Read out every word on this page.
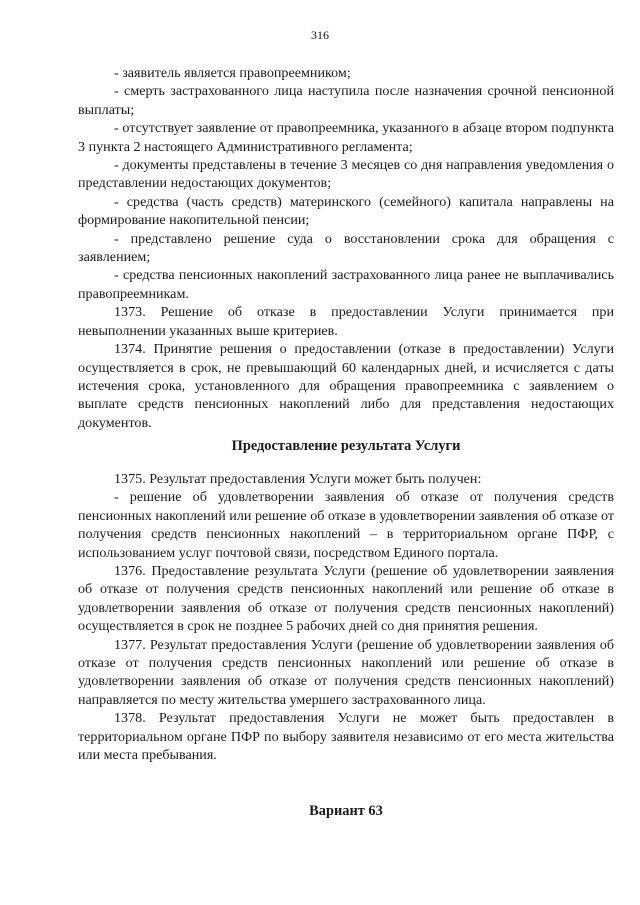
316

- заявитель является правопреемником;

- смерть застрахованного лица наступила после назначения срочной пенсионной выплаты;

- отсутствует заявление от правопреемника, указанного в абзаце втором подпункта 3 пункта 2 настоящего Административного регламента;

- документы представлены в течение 3 месяцев со дня направления уведомления о представлении недостающих документов;

- средства (часть средств) материнского (семейного) капитала направлены на формирование накопительной пенсии;

- представлено решение суда о восстановлении срока для обращения с заявлением;

- средства пенсионных накоплений застрахованного лица ранее не выплачивались правопреемникам.

1373. Решение об отказе в предоставлении Услуги принимается при невыполнении указанных выше критериев.

1374. Принятие решения о предоставлении (отказе в предоставлении) Услуги осуществляется в срок, не превышающий 60 календарных дней, и исчисляется с даты истечения срока, установленного для обращения правопреемника с заявлением о выплате средств пенсионных накоплений либо для представления недостающих документов.

Предоставление результата Услуги

1375. Результат предоставления Услуги может быть получен:

- решение об удовлетворении заявления об отказе от получения средств пенсионных накоплений или решение об отказе в удовлетворении заявления об отказе от получения средств пенсионных накоплений – в территориальном органе ПФР, с использованием услуг почтовой связи, посредством Единого портала.

1376. Предоставление результата Услуги (решение об удовлетворении заявления об отказе от получения средств пенсионных накоплений или решение об отказе в удовлетворении заявления об отказе от получения средств пенсионных накоплений) осуществляется в срок не позднее 5 рабочих дней со дня принятия решения.

1377. Результат предоставления Услуги (решение об удовлетворении заявления об отказе от получения средств пенсионных накоплений или решение об отказе в удовлетворении заявления об отказе от получения средств пенсионных накоплений) направляется по месту жительства умершего застрахованного лица.

1378. Результат предоставления Услуги не может быть предоставлен в территориальном органе ПФР по выбору заявителя независимо от его места жительства или места пребывания.

Вариант 63
